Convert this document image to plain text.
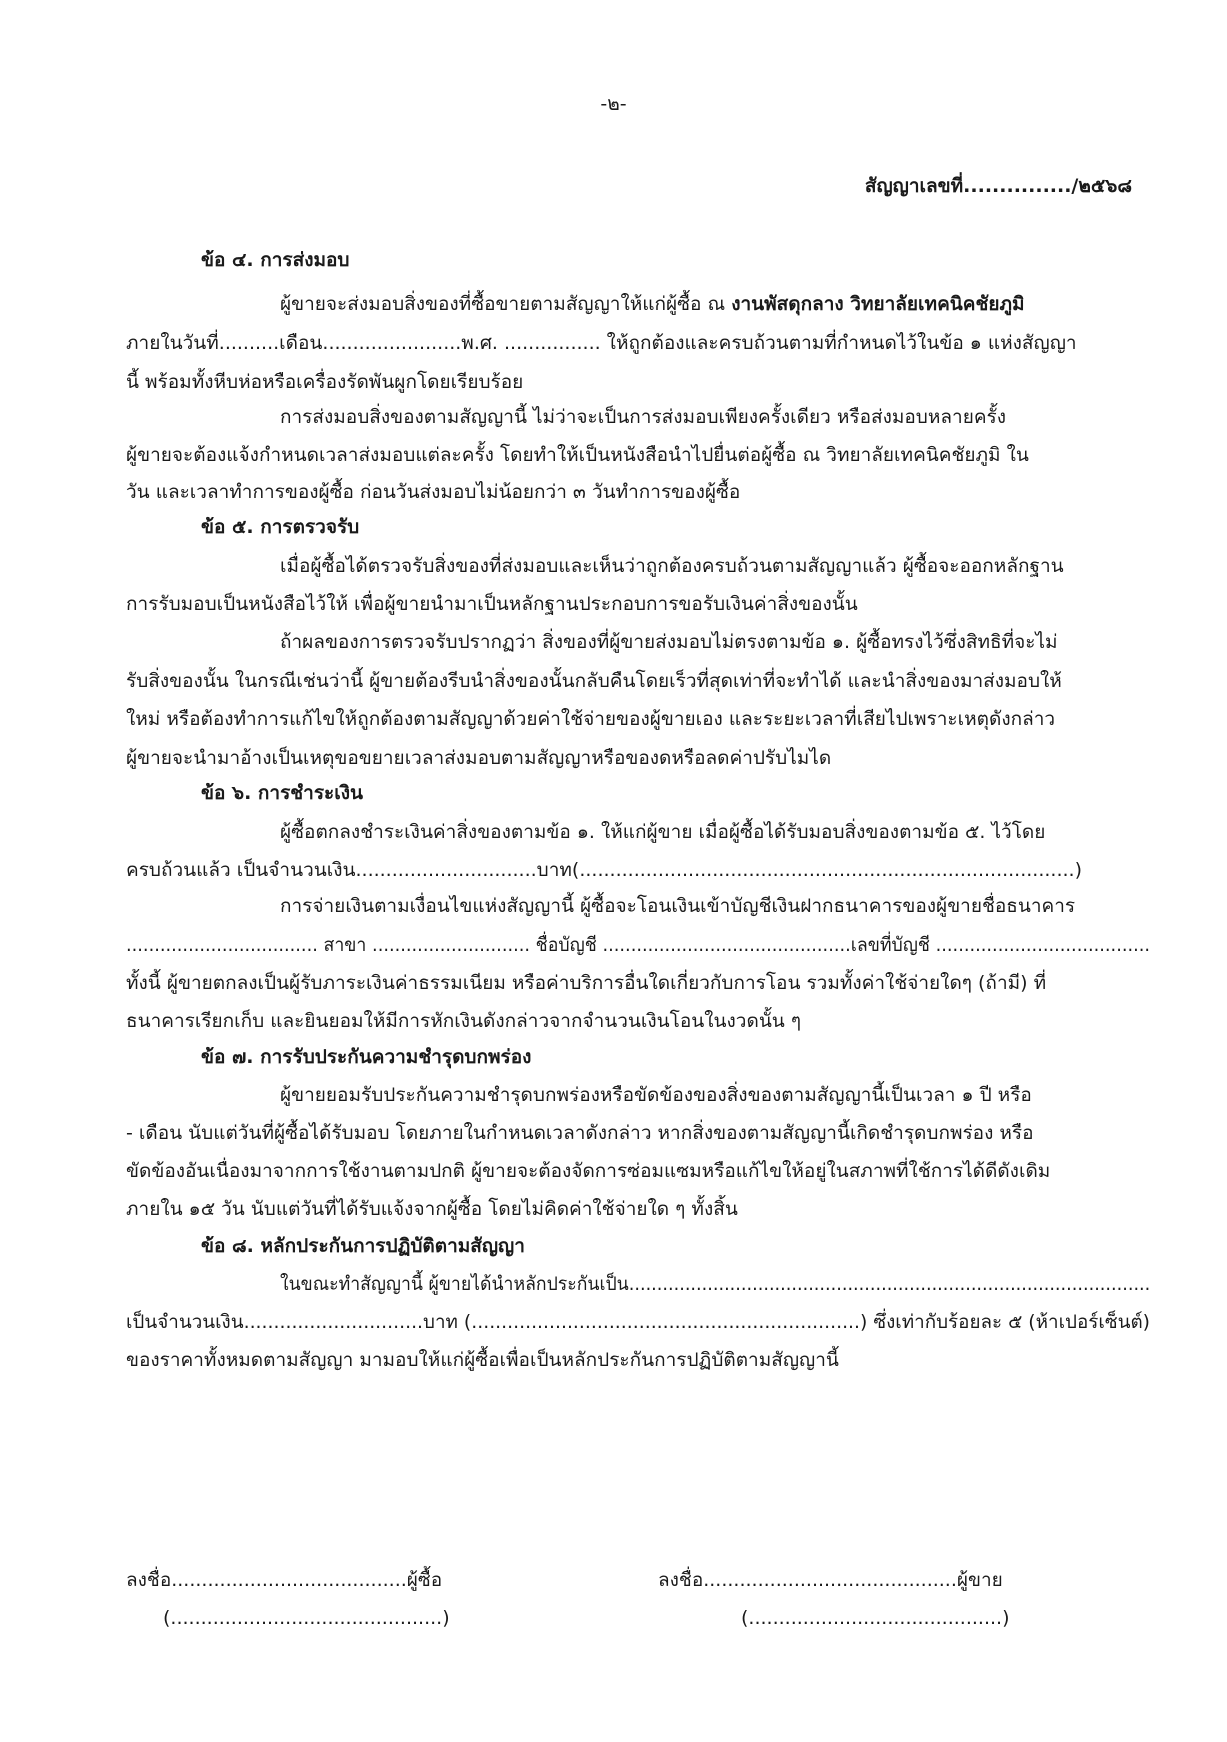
-๒-
สัญญาเลขที่.............../๒๕๖๘
ข้อ ๔. การส่งมอบ
ผู้ขายจะส่งมอบสิ่งของที่ซื้อขายตามสัญญาให้แก่ผู้ซื้อ ณ งานพัสดุกลาง วิทยาลัยเทคนิคชัยภูมิ
ภายในวันที่..........เดือน.......................พ.ศ. ................ ให้ถูกต้องและครบถ้วนตามที่กำหนดไว้ในข้อ ๑ แห่งสัญญา
นี้ พร้อมทั้งหีบห่อหรือเครื่องรัดพันผูกโดยเรียบร้อย
การส่งมอบสิ่งของตามสัญญานี้ ไม่ว่าจะเป็นการส่งมอบเพียงครั้งเดียว หรือส่งมอบหลายครั้ง
ผู้ขายจะต้องแจ้งกำหนดเวลาส่งมอบแต่ละครั้ง โดยทำให้เป็นหนังสือนำไปยื่นต่อผู้ซื้อ ณ วิทยาลัยเทคนิคชัยภูมิ ใน
วัน และเวลาทำการของผู้ซื้อ ก่อนวันส่งมอบไม่น้อยกว่า ๓ วันทำการของผู้ซื้อ
ข้อ ๕. การตรวจรับ
เมื่อผู้ซื้อได้ตรวจรับสิ่งของที่ส่งมอบและเห็นว่าถูกต้องครบถ้วนตามสัญญาแล้ว ผู้ซื้อจะออกหลักฐาน
การรับมอบเป็นหนังสือไว้ให้ เพื่อผู้ขายนำมาเป็นหลักฐานประกอบการขอรับเงินค่าสิ่งของนั้น
ถ้าผลของการตรวจรับปรากฏว่า สิ่งของที่ผู้ขายส่งมอบไม่ตรงตามข้อ ๑. ผู้ซื้อทรงไว้ซึ่งสิทธิที่จะไม่
รับสิ่งของนั้น ในกรณีเช่นว่านี้ ผู้ขายต้องรีบนำสิ่งของนั้นกลับคืนโดยเร็วที่สุดเท่าที่จะทำได้ และนำสิ่งของมาส่งมอบให้
ใหม่ หรือต้องทำการแก้ไขให้ถูกต้องตามสัญญาด้วยค่าใช้จ่ายของผู้ขายเอง และระยะเวลาที่เสียไปเพราะเหตุดังกล่าว
ผู้ขายจะนำมาอ้างเป็นเหตุขอขยายเวลาส่งมอบตามสัญญาหรือของดหรือลดค่าปรับไมได
ข้อ ๖. การชำระเงิน
ผู้ซื้อตกลงชำระเงินค่าสิ่งของตามข้อ ๑. ให้แก่ผู้ขาย เมื่อผู้ซื้อได้รับมอบสิ่งของตามข้อ ๕. ไว้โดย
ครบถ้วนแล้ว เป็นจำนวนเงิน..............................บาท(..................................................................................)
การจ่ายเงินตามเงื่อนไขแห่งสัญญานี้ ผู้ซื้อจะโอนเงินเข้าบัญชีเงินฝากธนาคารของผู้ขายชื่อธนาคาร
.................................. สาขา ............................ ชื่อบัญชี ............................................เลขที่บัญชี ......................................
ทั้งนี้ ผู้ขายตกลงเป็นผู้รับภาระเงินค่าธรรมเนียม หรือค่าบริการอื่นใดเกี่ยวกับการโอน รวมทั้งค่าใช้จ่ายใดๆ (ถ้ามี) ที่
ธนาคารเรียกเก็บ และยินยอมให้มีการหักเงินดังกล่าวจากจำนวนเงินโอนในงวดนั้น ๆ
ข้อ ๗. การรับประกันความชำรุดบกพร่อง
ผู้ขายยอมรับประกันความชำรุดบกพร่องหรือขัดข้องของสิ่งของตามสัญญานี้เป็นเวลา ๑ ปี หรือ
- เดือน นับแต่วันที่ผู้ซื้อได้รับมอบ โดยภายในกำหนดเวลาดังกล่าว หากสิ่งของตามสัญญานี้เกิดชำรุดบกพร่อง หรือ
ขัดข้องอันเนื่องมาจากการใช้งานตามปกติ ผู้ขายจะต้องจัดการซ่อมแซมหรือแก้ไขให้อยู่ในสภาพที่ใช้การได้ดีดังเดิม
ภายใน ๑๕ วัน นับแต่วันที่ได้รับแจ้งจากผู้ซื้อ โดยไม่คิดค่าใช้จ่ายใด ๆ ทั้งสิ้น
ข้อ ๘. หลักประกันการปฏิบัติตามสัญญา
ในขณะทำสัญญานี้ ผู้ขายได้นำหลักประกันเป็น.............................................................................................
เป็นจำนวนเงิน..............................บาท (.................................................................) ซึ่งเท่ากับร้อยละ ๕ (ห้าเปอร์เซ็นต์)
ของราคาทั้งหมดตามสัญญา มามอบให้แก่ผู้ซื้อเพื่อเป็นหลักประกันการปฏิบัติตามสัญญานี้
ลงชื่อ.......................................ผู้ซื้อ
(.............................................)
ลงชื่อ..........................................ผู้ขาย
(..........................................)
